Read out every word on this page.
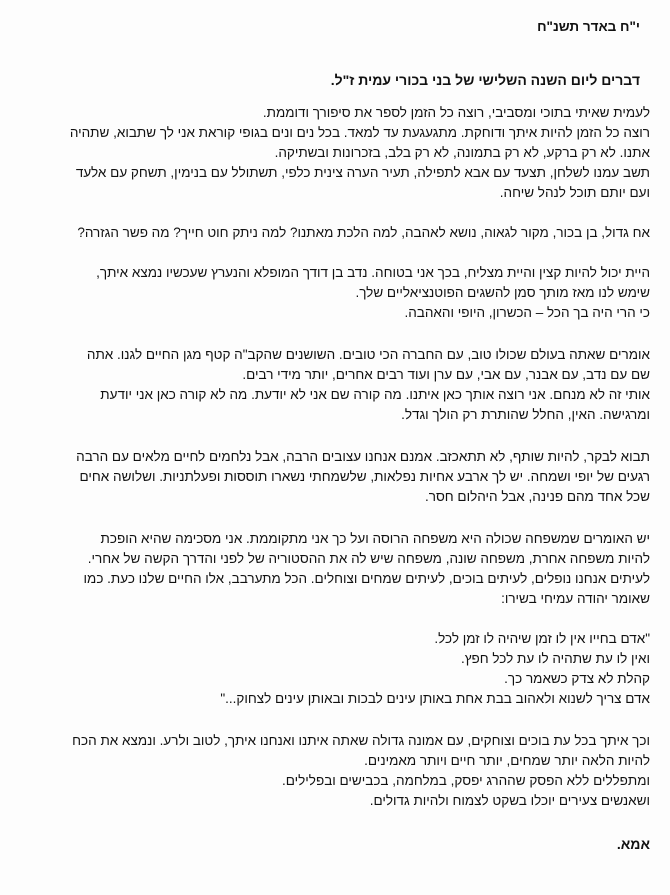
י"ח באדר תשנ"ח
דברים ליום השנה השלישי של בני בכורי עמית ז"ל.
לעמית שאיתי בתוכי ומסביבי, רוצה כל הזמן לספר את סיפורך ודוממת.
רוצה כל הזמן להיות איתך ודוחקת. מתגעגעת עד למאד. בכל נים ונים בגופי קוראת אני לך שתבוא, שתהיה
אתנו. לא רק ברקע, לא רק בתמונה, לא רק בלב, בזכרונות ובשתיקה.
תשב עמנו לשלחן, תצעד עם אבא לתפילה, תעיר הערה צינית כלפי, תשתולל עם בנימין, תשחק עם אלעד
ועם יותם תוכל לנהל שיחה.
אח גדול, בן בכור, מקור לגאוה, נושא לאהבה, למה הלכת מאתנו? למה ניתק חוט חייך? מה פשר הגזרה?
היית יכול להיות קצין והיית מצליח, בכך אני בטוחה. נדב בן דודך המופלא והנערץ שעכשיו נמצא איתך,
שימש לנו מאז מותך סמן להשגים הפוטנציאליים שלך.
כי הרי היה בך הכל – הכשרון, היופי והאהבה.
אומרים שאתה בעולם שכולו טוב, עם החברה הכי טובים. השושנים שהקב"ה קטף מגן החיים לגנו. אתה
שם עם נדב, עם אבנר, עם אבי, עם ערן ועוד רבים אחרים, יותר מידי רבים.
אותי זה לא מנחם. אני רוצה אותך כאן איתנו. מה קורה שם אני לא יודעת. מה לא קורה כאן אני יודעת
ומרגישה. האין, החלל שהותרת רק הולך וגדל.
תבוא לבקר, להיות שותף, לא תתאכזב. אמנם אנחנו עצובים הרבה, אבל נלחמים לחיים מלאים עם הרבה
רגעים של יופי ושמחה. יש לך ארבע אחיות נפלאות, שלשמחתי נשארו תוססות ופעלתניות. ושלושה אחים
שכל אחד מהם פנינה, אבל היהלום חסר.
יש האומרים שמשפחה שכולה היא משפחה הרוסה ועל כך אני מתקוממת. אני מסכימה שהיא הופכת
להיות משפחה אחרת, משפחה שונה, משפחה שיש לה את ההסטוריה של לפני והדרך הקשה של אחרי.
לעיתים אנחנו נופלים, לעיתים בוכים, לעיתים שמחים וצוחלים. הכל מתערבב, אלו החיים שלנו כעת. כמו
שאומר יהודה עמיחי בשירו:
"אדם בחייו אין לו זמן שיהיה לו זמן לכל.
ואין לו עת שתהיה לו עת לכל חפץ.
קהלת לא צדק כשאמר כך.
אדם צריך לשנוא ולאהוב בבת אחת באותן עינים לבכות ובאותן עינים לצחוק..."
וכך איתך בכל עת בוכים וצוחקים, עם אמונה גדולה שאתה איתנו ואנחנו איתך, לטוב ולרע. ונמצא את הכח
להיות הלאה יותר שמחים, יותר חיים ויותר מאמינים.
ומתפללים ללא הפסק שההרג יפסק, במלחמה, בכבישים ובפלילים.
ושאנשים צעירים יוכלו בשקט לצמוח ולהיות גדולים.
אמא.
